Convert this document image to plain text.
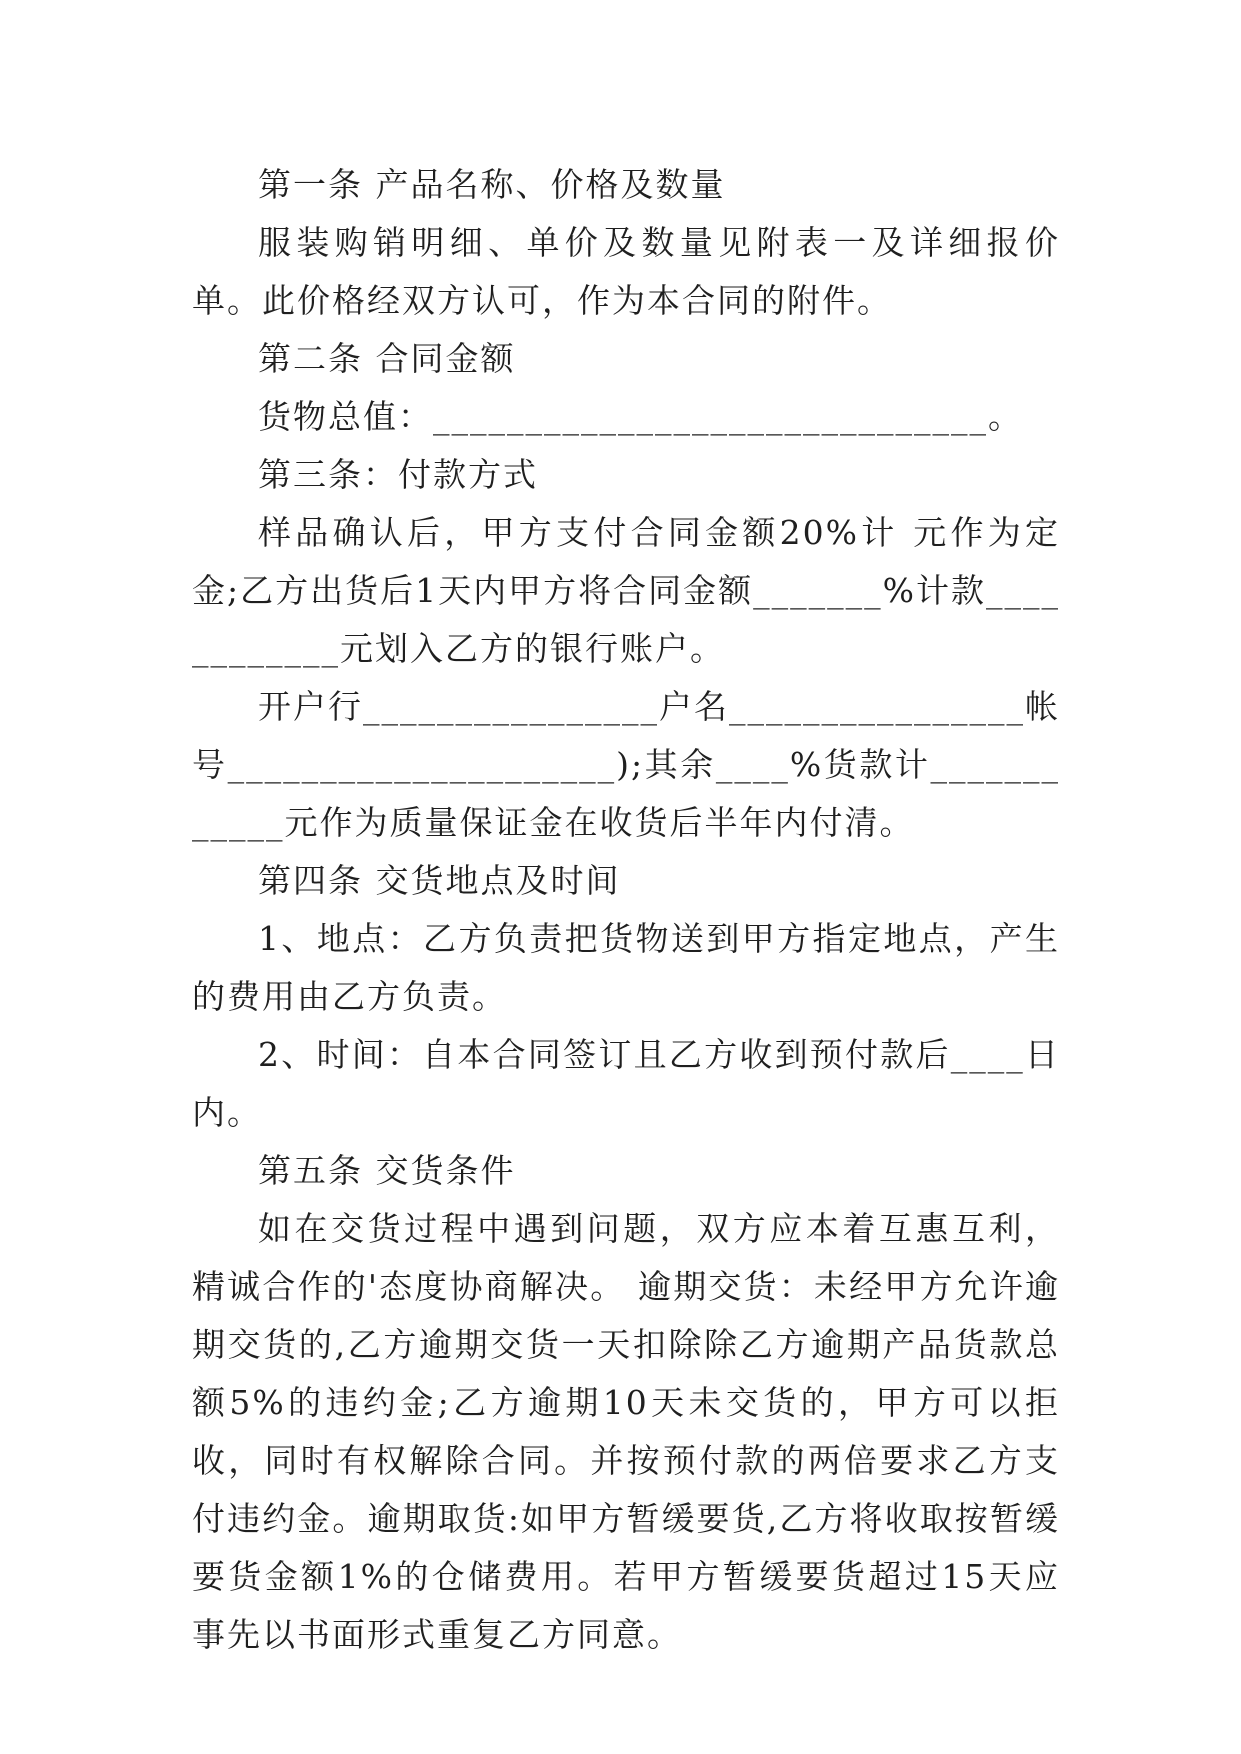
第一条 产品名称、价格及数量

服装购销明细、单价及数量见附表一及详细报价单。此价格经双方认可，作为本合同的附件。

第二条 合同金额

货物总值：______________________________。

第三条：付款方式

样品确认后，甲方支付合同金额20%计 元作为定金;乙方出货后1天内甲方将合同金额_______%计款____________元划入乙方的银行账户。

开户行________________户名________________帐号_____________________);其余____%货款计____________元作为质量保证金在收货后半年内付清。

第四条 交货地点及时间

1、地点：乙方负责把货物送到甲方指定地点，产生的费用由乙方负责。

2、时间：自本合同签订且乙方收到预付款后____日内。

第五条 交货条件

如在交货过程中遇到问题，双方应本着互惠互利，精诚合作的'态度协商解决。 逾期交货：未经甲方允许逾期交货的,乙方逾期交货一天扣除除乙方逾期产品货款总额5%的违约金;乙方逾期10天未交货的，甲方可以拒收，同时有权解除合同。并按预付款的两倍要求乙方支付违约金。逾期取货:如甲方暂缓要货,乙方将收取按暂缓要货金额1%的仓储费用。若甲方暂缓要货超过15天应事先以书面形式重复乙方同意。
